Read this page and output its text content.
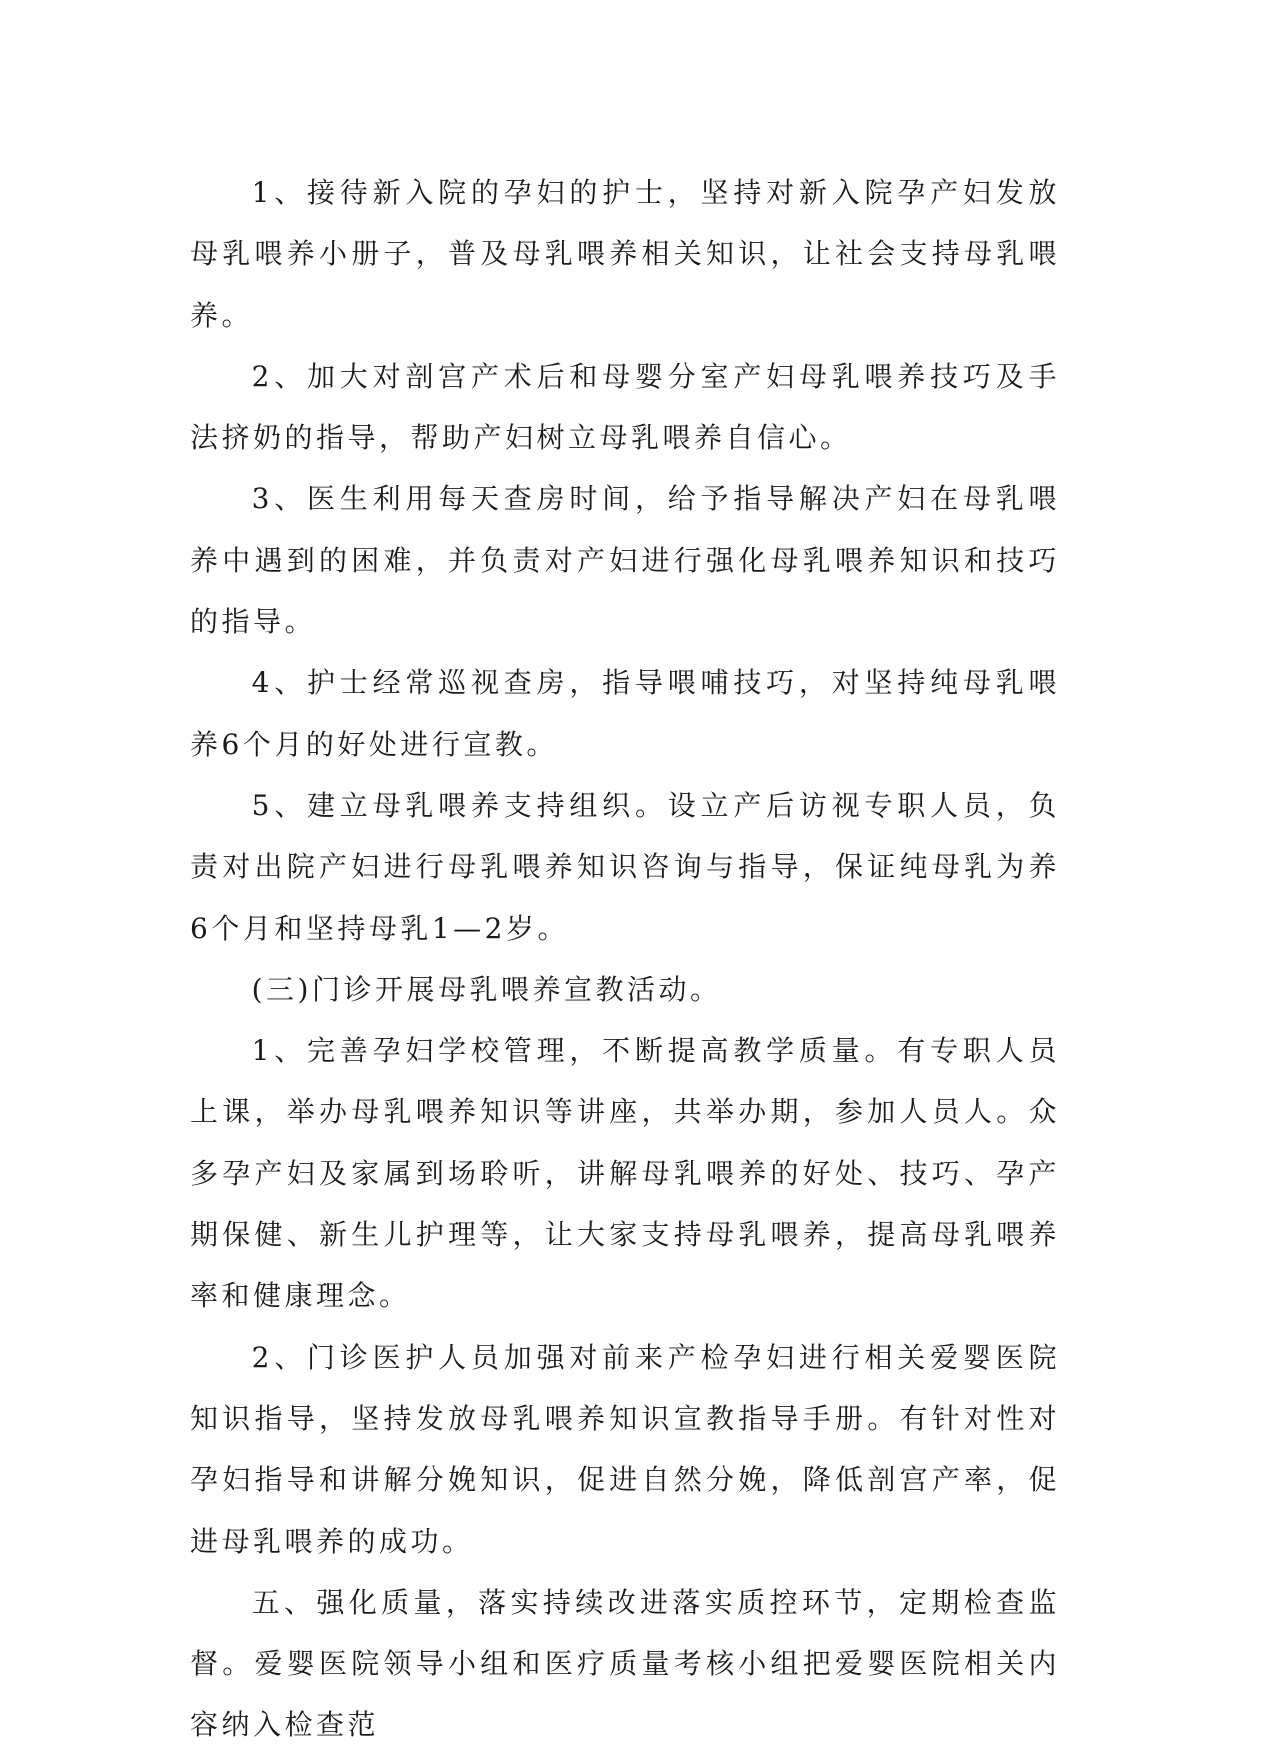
1、接待新入院的孕妇的护士，坚持对新入院孕产妇发放母乳喂养小册子，普及母乳喂养相关知识，让社会支持母乳喂养。

2、加大对剖宫产术后和母婴分室产妇母乳喂养技巧及手法挤奶的指导，帮助产妇树立母乳喂养自信心。

3、医生利用每天查房时间，给予指导解决产妇在母乳喂养中遇到的困难，并负责对产妇进行强化母乳喂养知识和技巧的指导。

4、护士经常巡视查房，指导喂哺技巧，对坚持纯母乳喂养6个月的好处进行宣教。

5、建立母乳喂养支持组织。设立产后访视专职人员，负责对出院产妇进行母乳喂养知识咨询与指导，保证纯母乳为养6个月和坚持母乳1—2岁。

(三)门诊开展母乳喂养宣教活动。

1、完善孕妇学校管理，不断提高教学质量。有专职人员上课，举办母乳喂养知识等讲座，共举办期，参加人员人。众多孕产妇及家属到场聆听，讲解母乳喂养的好处、技巧、孕产期保健、新生儿护理等，让大家支持母乳喂养，提高母乳喂养率和健康理念。

2、门诊医护人员加强对前来产检孕妇进行相关爱婴医院知识指导，坚持发放母乳喂养知识宣教指导手册。有针对性对孕妇指导和讲解分娩知识，促进自然分娩，降低剖宫产率，促进母乳喂养的成功。

五、强化质量，落实持续改进落实质控环节，定期检查监督。爱婴医院领导小组和医疗质量考核小组把爱婴医院相关内容纳入检查范
